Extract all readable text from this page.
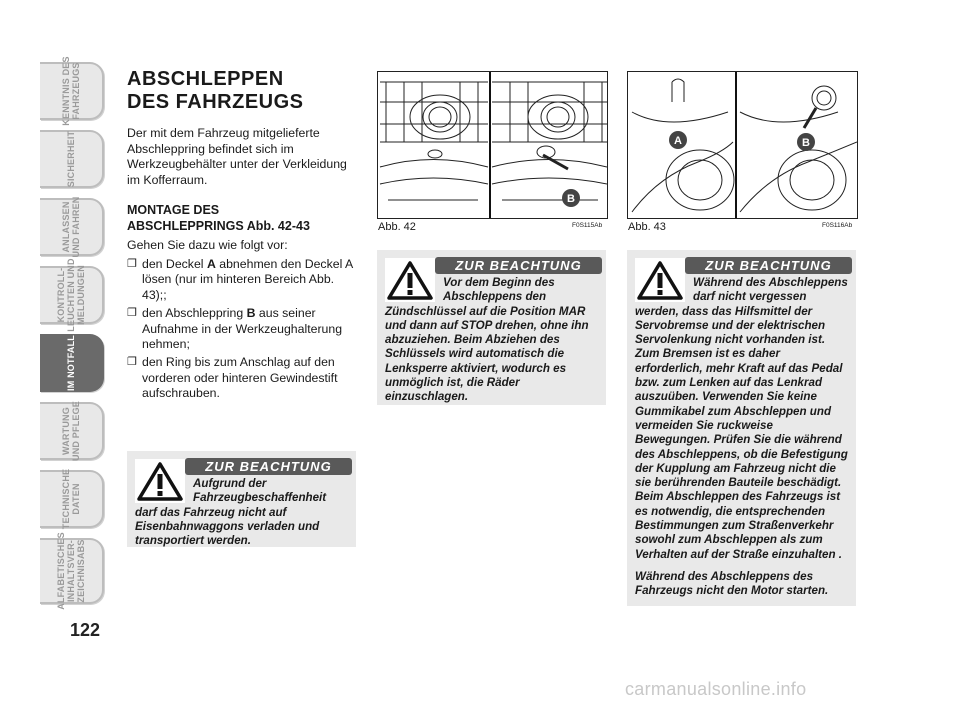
KENNTNIS DES
FAHRZEUGS
SICHERHEIT
ANLASSEN
UND FAHREN
KONTROLL-
LEUCHTEN UND
MELDUNGEN
IM NOTFALL
WARTUNG
UND PFLEGE
TECHNISCHE
DATEN
ALFABETISCHES
INHALTSVER-
ZEICHNISABS
122
ABSCHLEPPEN
DES FAHRZEUGS

Der mit dem Fahrzeug mitgelieferte Abschleppring befindet sich im Werkzeugbehälter unter der Verkleidung im Kofferraum.

MONTAGE DES
ABSCHLEPPRINGS Abb. 42-43

Gehen Sie dazu wie folgt vor:

❐ den Deckel A abnehmen den Deckel A lösen (nur im hinteren Bereich Abb. 43);;
❐ den Abschleppring B aus seiner Aufnahme in der Werkzeughalterung nehmen;
❐ den Ring bis zum Anschlag auf den vorderen oder hinteren Gewindestift aufschrauben.
ZUR BEACHTUNG

Aufgrund der Fahrzeugbeschaffenheit darf das Fahrzeug nicht auf Eisenbahnwaggons verladen und transportiert werden.

B
Abb. 42	F0S115Ab
A	B
Abb. 43	F0S116Ab
ZUR BEACHTUNG

Vor dem Beginn des Abschleppens den Zündschlüssel auf die Position MAR und dann auf STOP drehen, ohne ihn abzuziehen. Beim Abziehen des Schlüssels wird automatisch die Lenksperre aktiviert, wodurch es unmöglich ist, die Räder einzuschlagen.

ZUR BEACHTUNG

Während des Abschleppens darf nicht vergessen werden, dass das Hilfsmittel der Servobremse und der elektrischen Servolenkung nicht vorhanden ist. Zum Bremsen ist es daher erforderlich, mehr Kraft auf das Pedal bzw. zum Lenken auf das Lenkrad auszuüben. Verwenden Sie keine Gummikabel zum Abschleppen und vermeiden Sie ruckweise Bewegungen. Prüfen Sie die während des Abschleppens, ob die Befestigung der Kupplung am Fahrzeug nicht die sie berührenden Bauteile beschädigt. Beim Abschleppen des Fahrzeugs ist es notwendig, die entsprechenden Bestimmungen zum Straßenverkehr sowohl zum Abschleppen als zum Verhalten auf der Straße einzuhalten .

Während des Abschleppens des Fahrzeugs nicht den Motor starten.

carmanualsonline.info
